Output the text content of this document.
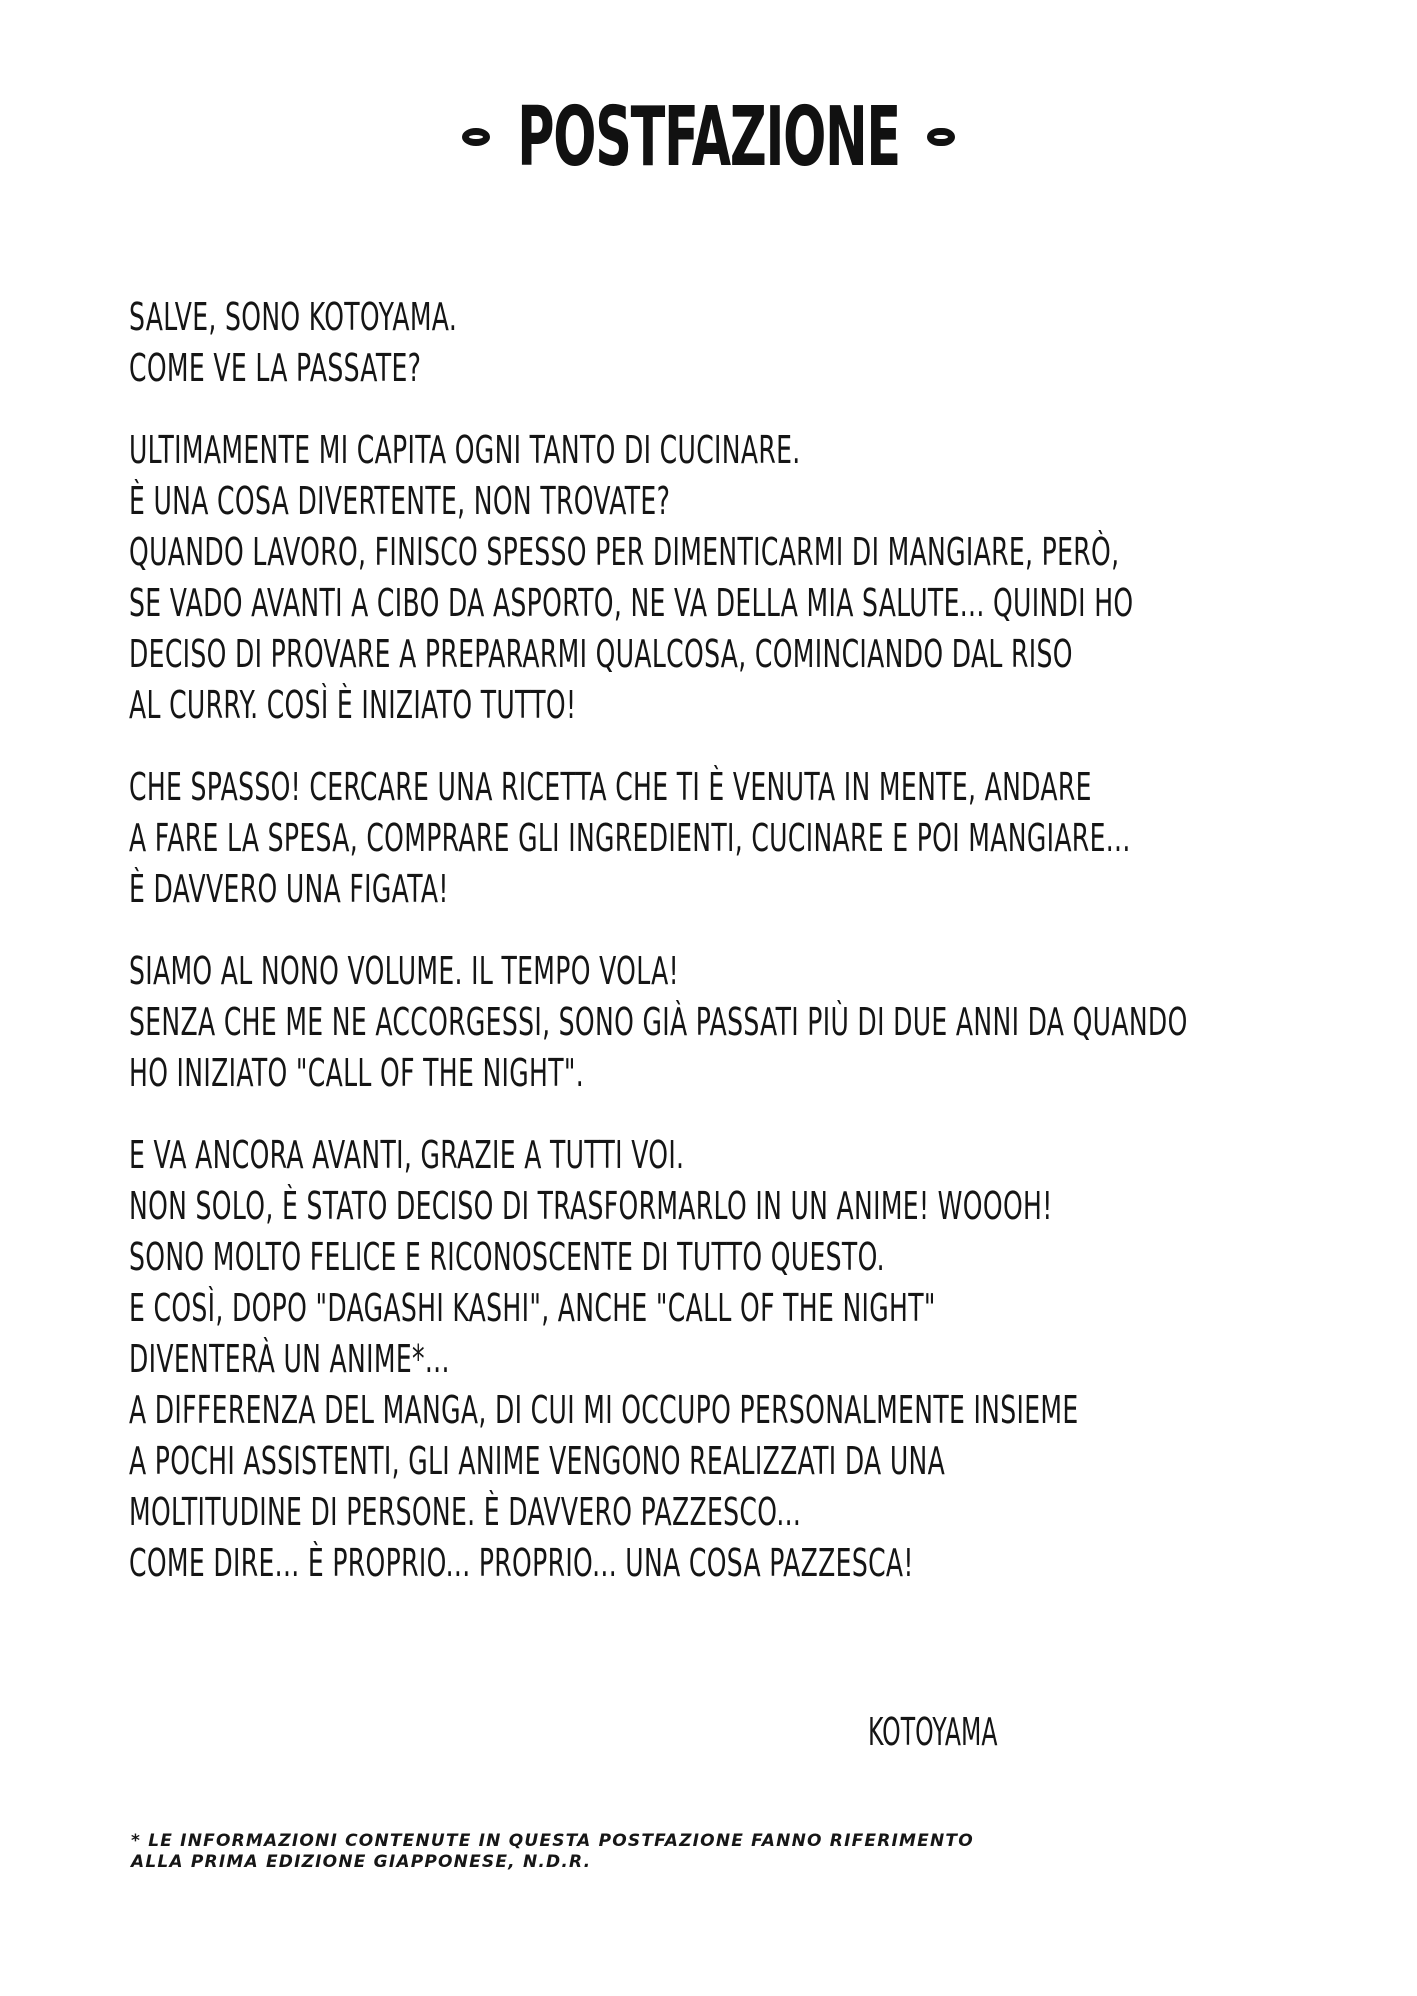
POSTFAZIONE
SALVE, SONO KOTOYAMA.
COME VE LA PASSATE?
ULTIMAMENTE MI CAPITA OGNI TANTO DI CUCINARE.
È UNA COSA DIVERTENTE, NON TROVATE?
QUANDO LAVORO, FINISCO SPESSO PER DIMENTICARMI DI MANGIARE, PERÒ,
SE VADO AVANTI A CIBO DA ASPORTO, NE VA DELLA MIA SALUTE... QUINDI HO
DECISO DI PROVARE A PREPARARMI QUALCOSA, COMINCIANDO DAL RISO
AL CURRY. COSÌ È INIZIATO TUTTO!
CHE SPASSO! CERCARE UNA RICETTA CHE TI È VENUTA IN MENTE, ANDARE
A FARE LA SPESA, COMPRARE GLI INGREDIENTI, CUCINARE E POI MANGIARE...
È DAVVERO UNA FIGATA!
SIAMO AL NONO VOLUME. IL TEMPO VOLA!
SENZA CHE ME NE ACCORGESSI, SONO GIÀ PASSATI PIÙ DI DUE ANNI DA QUANDO
HO INIZIATO "CALL OF THE NIGHT".
E VA ANCORA AVANTI, GRAZIE A TUTTI VOI.
NON SOLO, È STATO DECISO DI TRASFORMARLO IN UN ANIME! WOOOH!
SONO MOLTO FELICE E RICONOSCENTE DI TUTTO QUESTO.
E COSÌ, DOPO "DAGASHI KASHI", ANCHE "CALL OF THE NIGHT"
DIVENTERÀ UN ANIME*...
A DIFFERENZA DEL MANGA, DI CUI MI OCCUPO PERSONALMENTE INSIEME
A POCHI ASSISTENTI, GLI ANIME VENGONO REALIZZATI DA UNA
MOLTITUDINE DI PERSONE. È DAVVERO PAZZESCO...
COME DIRE... È PROPRIO... PROPRIO... UNA COSA PAZZESCA!
KOTOYAMA
* LE INFORMAZIONI CONTENUTE IN QUESTA POSTFAZIONE FANNO RIFERIMENTO
ALLA PRIMA EDIZIONE GIAPPONESE, N.D.R.
